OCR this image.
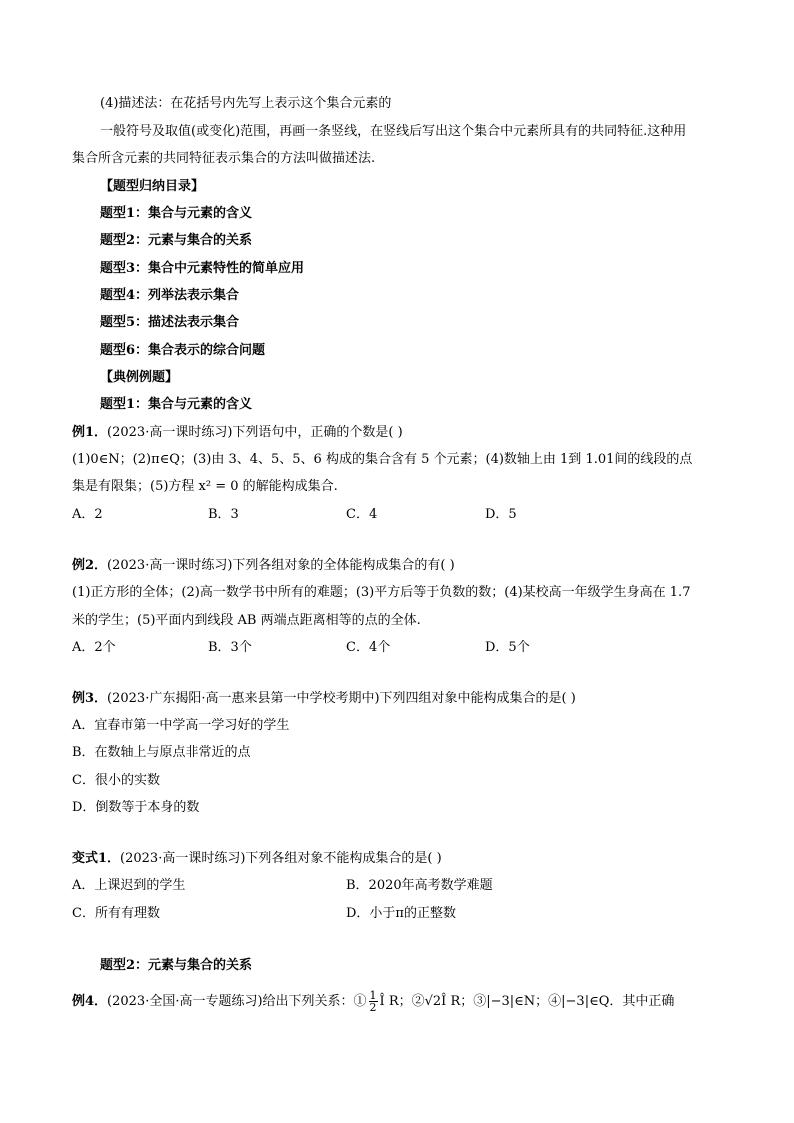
(4)描述法：在花括号内先写上表示这个集合元素的
一般符号及取值(或变化)范围，再画一条竖线，在竖线后写出这个集合中元素所具有的共同特征.这种用
集合所含元素的共同特征表示集合的方法叫做描述法.
【题型归纳目录】
题型1：集合与元素的含义
题型2：元素与集合的关系
题型3：集合中元素特性的简单应用
题型4：列举法表示集合
题型5：描述法表示集合
题型6：集合表示的综合问题
【典例例题】
题型1：集合与元素的含义
例1．(2023·高一课时练习)下列语句中，正确的个数是( )
(1)0∈N；(2)π∈Q；(3)由 3、4、5、5、6 构成的集合含有 5 个元素；(4)数轴上由 1到 1.01间的线段的点
集是有限集；(5)方程 x² = 0 的解能构成集合.
A．2	B．3	C．4	D．5
例2．(2023·高一课时练习)下列各组对象的全体能构成集合的有( )
(1)正方形的全体；(2)高一数学书中所有的难题；(3)平方后等于负数的数；(4)某校高一年级学生身高在 1.7
米的学生；(5)平面内到线段 AB 两端点距离相等的点的全体.
A．2个	B．3个	C．4个	D．5个
例3．(2023·广东揭阳·高一惠来县第一中学校考期中)下列四组对象中能构成集合的是( )
A．宜春市第一中学高一学习好的学生
B．在数轴上与原点非常近的点
C．很小的实数
D．倒数等于本身的数
变式1．(2023·高一课时练习)下列各组对象不能构成集合的是( )
A．上课迟到的学生	B．2020年高考数学难题
C．所有有理数	D．小于π的正整数
题型2：元素与集合的关系
例4．(2023·全国·高一专题练习)给出下列关系：① $\frac{1}{2}$ Î R；②√2Î R；③|−3|∈N；④|−3|∈Q．其中正确
